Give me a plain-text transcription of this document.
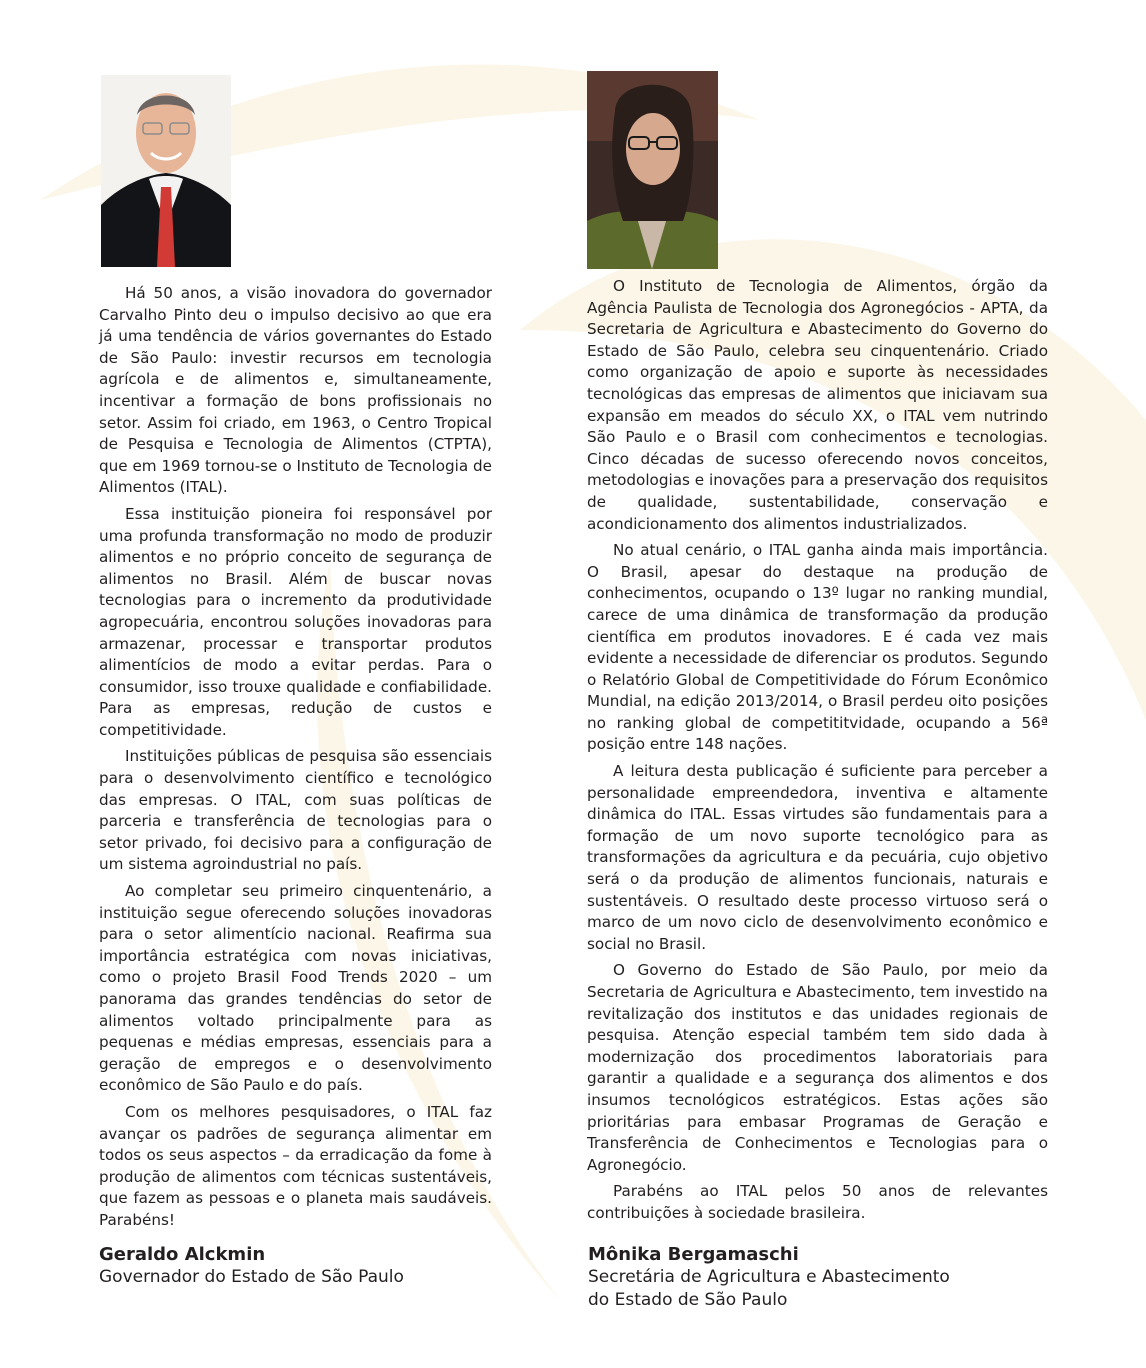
Há 50 anos, a visão inovadora do governador Carvalho Pinto deu o impulso decisivo ao que era já uma tendência de vários governantes do Estado de São Paulo: investir recursos em tecnologia agrícola e de alimentos e, simultaneamente, incentivar a formação de bons profissionais no setor. Assim foi criado, em 1963, o Centro Tropical de Pesquisa e Tecnologia de Alimentos (CTPTA), que em 1969 tornou-se o Instituto de Tecnologia de Alimentos (ITAL).

Essa instituição pioneira foi responsável por uma profunda transformação no modo de produzir alimentos e no próprio conceito de segurança de alimentos no Brasil. Além de buscar novas tecnologias para o incremento da produtividade agropecuária, encontrou soluções inovadoras para armazenar, processar e transportar produtos alimentícios de modo a evitar perdas. Para o consumidor, isso trouxe qualidade e confiabilidade. Para as empresas, redução de custos e competitividade.

Instituições públicas de pesquisa são essenciais para o desenvolvimento científico e tecnológico das empresas. O ITAL, com suas políticas de parceria e transferência de tecnologias para o setor privado, foi decisivo para a configuração de um sistema agroindustrial no país.

Ao completar seu primeiro cinquentenário, a instituição segue oferecendo soluções inovadoras para o setor alimentício nacional. Reafirma sua importância estratégica com novas iniciativas, como o projeto Brasil Food Trends 2020 – um panorama das grandes tendências do setor de alimentos voltado principalmente para as pequenas e médias empresas, essenciais para a geração de empregos e o desenvolvimento econômico de São Paulo e do país.

Com os melhores pesquisadores, o ITAL faz avançar os padrões de segurança alimentar em todos os seus aspectos – da erradicação da fome à produção de alimentos com técnicas sustentáveis, que fazem as pessoas e o planeta mais saudáveis. Parabéns!

O Instituto de Tecnologia de Alimentos, órgão da Agência Paulista de Tecnologia dos Agronegócios - APTA, da Secretaria de Agricultura e Abastecimento do Governo do Estado de São Paulo, celebra seu cinquentenário. Criado como organização de apoio e suporte às necessidades tecnológicas das empresas de alimentos que iniciavam sua expansão em meados do século XX, o ITAL vem nutrindo São Paulo e o Brasil com conhecimentos e tecnologias. Cinco décadas de sucesso oferecendo novos conceitos, metodologias e inovações para a preservação dos requisitos de qualidade, sustentabilidade, conservação e acondicionamento dos alimentos industrializados.

No atual cenário, o ITAL ganha ainda mais importância. O Brasil, apesar do destaque na produção de conhecimentos, ocupando o 13º lugar no ranking mundial, carece de uma dinâmica de transformação da produção científica em produtos inovadores. E é cada vez mais evidente a necessidade de diferenciar os produtos. Segundo o Relatório Global de Competitividade do Fórum Econômico Mundial, na edição 2013/2014, o Brasil perdeu oito posições no ranking global de competititvidade, ocupando a 56ª posição entre 148 nações.

A leitura desta publicação é suficiente para perceber a personalidade empreendedora, inventiva e altamente dinâmica do ITAL. Essas virtudes são fundamentais para a formação de um novo suporte tecnológico para as transformações da agricultura e da pecuária, cujo objetivo será o da produção de alimentos funcionais, naturais e sustentáveis. O resultado deste processo virtuoso será o marco de um novo ciclo de desenvolvimento econômico e social no Brasil.

O Governo do Estado de São Paulo, por meio da Secretaria de Agricultura e Abastecimento, tem investido na revitalização dos institutos e das unidades regionais de pesquisa. Atenção especial também tem sido dada à modernização dos procedimentos laboratoriais para garantir a qualidade e a segurança dos alimentos e dos insumos tecnológicos estratégicos. Estas ações são prioritárias para embasar Programas de Geração e Transferência de Conhecimentos e Tecnologias para o Agronegócio.

Parabéns ao ITAL pelos 50 anos de relevantes contribuições à sociedade brasileira.

Geraldo Alckmin
Governador do Estado de São Paulo
Mônika Bergamaschi
Secretária de Agricultura e Abastecimento
do Estado de São Paulo
